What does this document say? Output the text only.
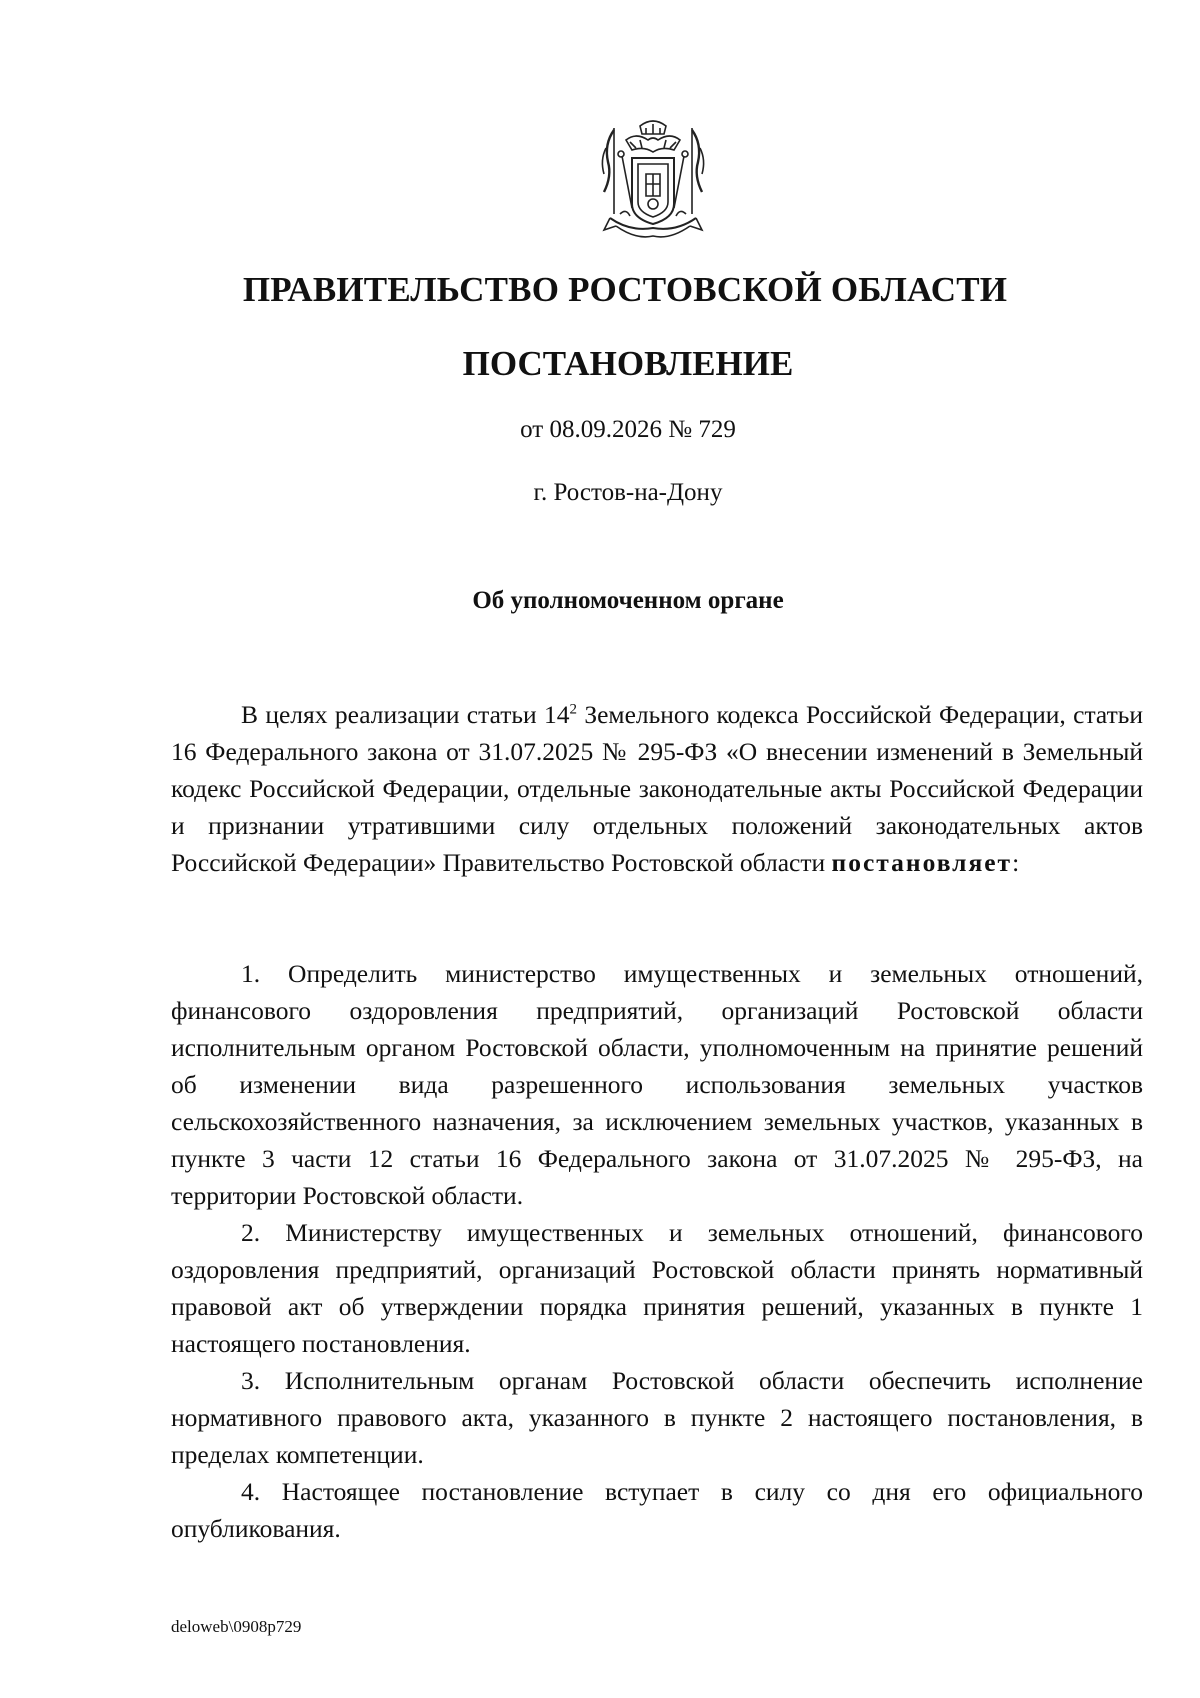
ПРАВИТЕЛЬСТВО РОСТОВСКОЙ ОБЛАСТИ
ПОСТАНОВЛЕНИЕ
от 08.09.2026 № 729
г. Ростов-на-Дону
Об уполномоченном органе

В целях реализации статьи $14^2$ Земельного кодекса Российской Федерации, статьи 16 Федерального закона от 31.07.2025 № 295-ФЗ «О внесении изменений в Земельный кодекс Российской Федерации, отдельные законодательные акты Российской Федерации и признании утратившими силу отдельных положений законодательных актов Российской Федерации» Правительство Ростовской области постановляет:

1. Определить министерство имущественных и земельных отношений, финансового оздоровления предприятий, организаций Ростовской области исполнительным органом Ростовской области, уполномоченным на принятие решений об изменении вида разрешенного использования земельных участков сельскохозяйственного назначения, за исключением земельных участков, указанных в пункте 3 части 12 статьи 16 Федерального закона от 31.07.2025 № 295-ФЗ, на территории Ростовской области.

2. Министерству имущественных и земельных отношений, финансового оздоровления предприятий, организаций Ростовской области принять нормативный правовой акт об утверждении порядка принятия решений, указанных в пункте 1 настоящего постановления.

3. Исполнительным органам Ростовской области обеспечить исполнение нормативного правового акта, указанного в пункте 2 настоящего постановления, в пределах компетенции.

4. Настоящее постановление вступает в силу со дня его официального опубликования.

deloweb\0908p729
